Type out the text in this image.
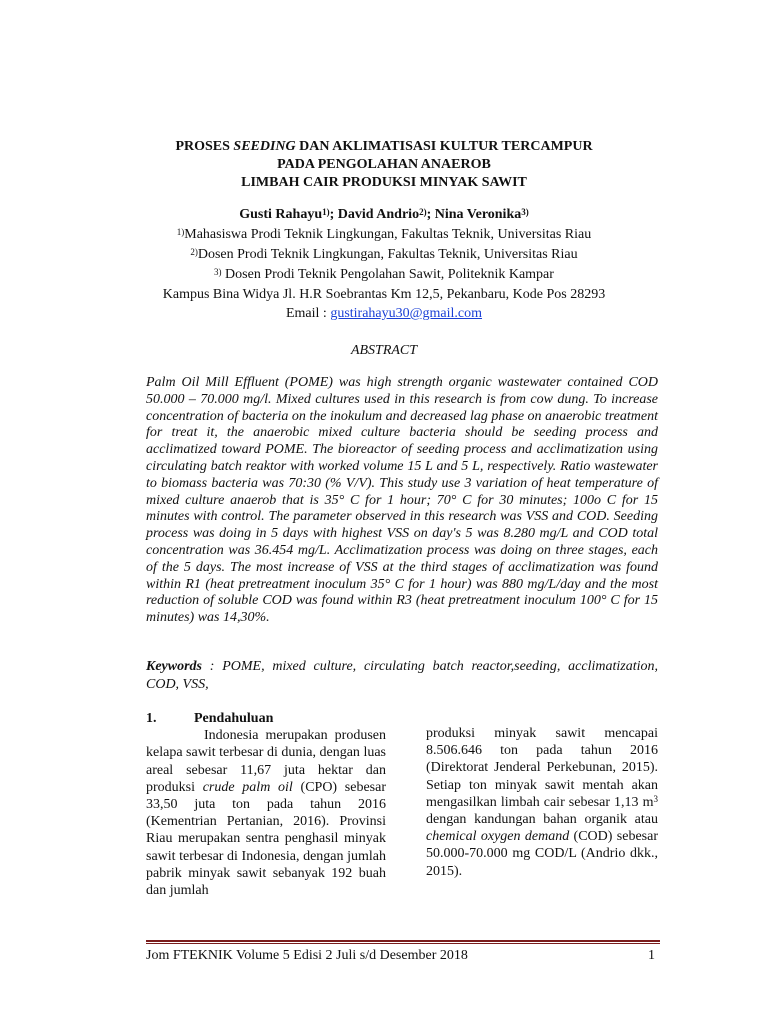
PROSES SEEDING DAN AKLIMATISASI KULTUR TERCAMPUR
PADA PENGOLAHAN ANAEROB
LIMBAH CAIR PRODUKSI MINYAK SAWIT
Gusti Rahayu$^{1)}$; David Andrio$^{2)}$; Nina Veronika$^{3)}$
$^{1)}$Mahasiswa Prodi Teknik Lingkungan, Fakultas Teknik, Universitas Riau
$^{2)}$Dosen Prodi Teknik Lingkungan, Fakultas Teknik, Universitas Riau
$^{3)}$ Dosen Prodi Teknik Pengolahan Sawit, Politeknik Kampar
Kampus Bina Widya Jl. H.R Soebrantas Km 12,5, Pekanbaru, Kode Pos 28293
Email : gustirahayu30@gmail.com
ABSTRACT
Palm Oil Mill Effluent (POME) was high strength organic wastewater contained COD 50.000 – 70.000 mg/l. Mixed cultures used in this research is from cow dung. To increase concentration of bacteria on the inokulum and decreased lag phase on anaerobic treatment for treat it, the anaerobic mixed culture bacteria should be seeding process and acclimatized toward POME. The bioreactor of seeding process and acclimatization using circulating batch reaktor with worked volume 15 L and 5 L, respectively. Ratio wastewater to biomass bacteria was 70:30 (% V/V). This study use 3 variation of heat temperature of mixed culture anaerob that is 35° C for 1 hour; 70° C for 30 minutes; 100o C for 15 minutes with control. The parameter observed in this research was VSS and COD. Seeding process was doing in 5 days with highest VSS on day's 5 was 8.280 mg/L and COD total concentration was 36.454 mg/L. Acclimatization process was doing on three stages, each of the 5 days. The most increase of VSS at the third stages of acclimatization was found within R1 (heat pretreatment inoculum 35° C for 1 hour) was 880 mg/L/day and the most reduction of soluble COD was found within R3 (heat pretreatment inoculum 100° C for 15 minutes) was 14,30%.
Keywords : POME, mixed culture, circulating batch reactor,seeding, acclimatization, COD, VSS,
1.	Pendahuluan
Indonesia merupakan produsen kelapa sawit terbesar di dunia, dengan luas areal sebesar 11,67 juta hektar dan produksi crude palm oil (CPO) sebesar 33,50 juta ton pada tahun 2016 (Kementrian Pertanian, 2016). Provinsi Riau merupakan sentra penghasil minyak sawit terbesar di Indonesia, dengan jumlah pabrik minyak sawit sebanyak 192 buah dan jumlah
produksi minyak sawit mencapai 8.506.646 ton pada tahun 2016 (Direktorat Jenderal Perkebunan, 2015). Setiap ton minyak sawit mentah akan mengasilkan limbah cair sebesar 1,13 $m^3$ dengan kandungan bahan organik atau chemical oxygen demand (COD) sebesar 50.000-70.000 mg COD/L (Andrio dkk., 2015).
Jom FTEKNIK Volume 5 Edisi 2 Juli s/d Desember 2018	1
